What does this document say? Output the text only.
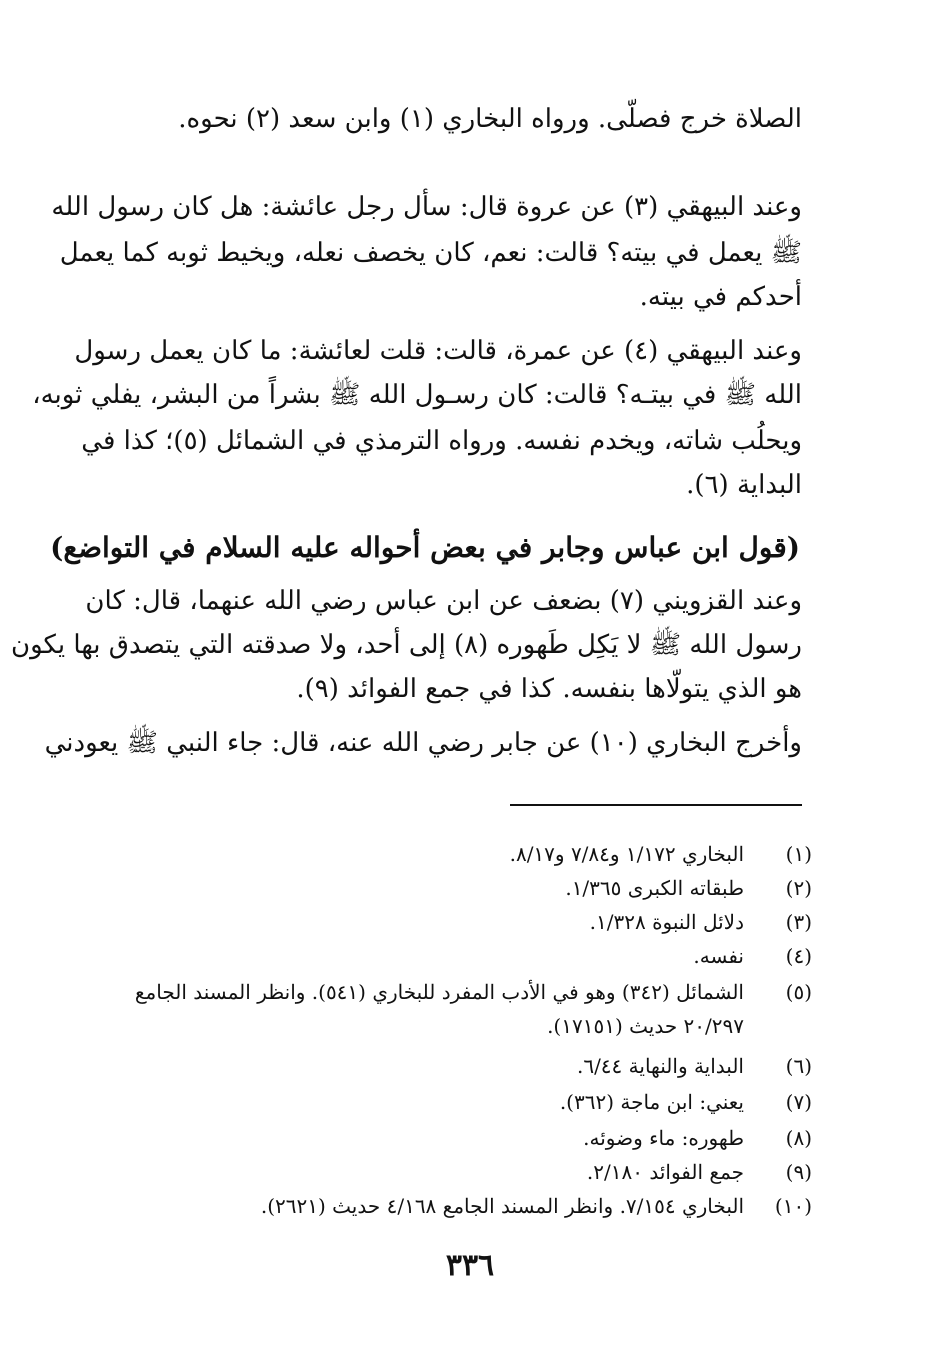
الصلاة خرج فصلّى. ورواه البخاري (١) وابن سعد (٢) نحوه.
وعند البيهقي (٣) عن عروة قال: سأل رجل عائشة: هل كان رسول الله
ﷺ يعمل في بيته؟ قالت: نعم، كان يخصف نعله، ويخيط ثوبه كما يعمل
أحدكم في بيته.
وعند البيهقي (٤) عن عمرة، قالت: قلت لعائشة: ما كان يعمل رسول
الله ﷺ في بيتـه؟ قالت: كان رسـول الله ﷺ بشراً من البشر، يفلي ثوبه،
ويحلُب شاته، ويخدم نفسه. ورواه الترمذي في الشمائل (٥)؛ كذا في
البداية (٦).
(قول ابن عباس وجابر في بعض أحواله عليه السلام في التواضع)
وعند القزويني (٧) بضعف عن ابن عباس رضي الله عنهما، قال: كان
رسول الله ﷺ لا يَكِل طَهوره (٨) إلى أحد، ولا صدقته التي يتصدق بها يكون
هو الذي يتولّاها بنفسه. كذا في جمع الفوائد (٩).
وأخرج البخاري (١٠) عن جابر رضي الله عنه، قال: جاء النبي ﷺ يعودني
(١)
البخاري ١/١٧٢ و٧/٨٤ و٨/١٧.
(٢)
طبقاته الكبرى ١/٣٦٥.
(٣)
دلائل النبوة ١/٣٢٨.
(٤)
نفسه.
(٥)
الشمائل (٣٤٢) وهو في الأدب المفرد للبخاري (٥٤١). وانظر المسند الجامع
٢٠/٢٩٧ حديث (١٧١٥١).
(٦)
البداية والنهاية ٦/٤٤.
(٧)
يعني: ابن ماجة (٣٦٢).
(٨)
طهوره: ماء وضوئه.
(٩)
جمع الفوائد ٢/١٨٠.
(١٠)
البخاري ٧/١٥٤. وانظر المسند الجامع ٤/١٦٨ حديث (٢٦٢١).
٣٣٦
